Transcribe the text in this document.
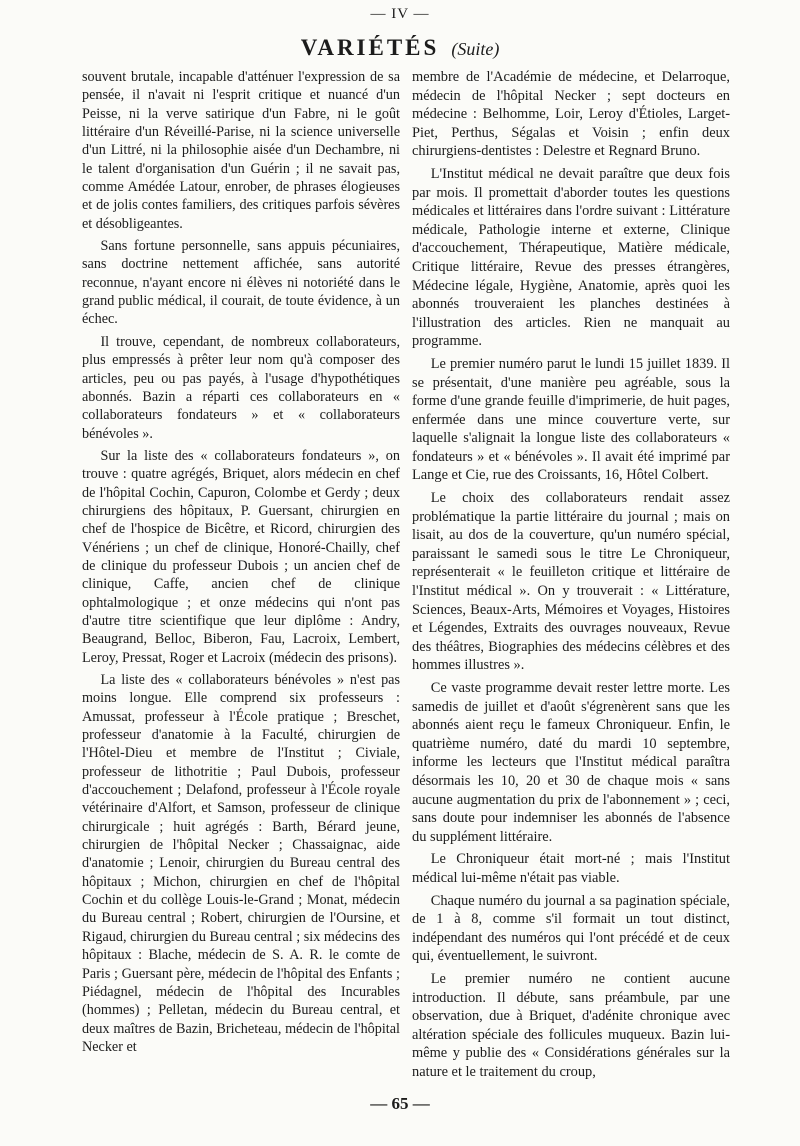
— IV —
VARIÉTÉS (Suite)

souvent brutale, incapable d'atténuer l'expression de sa pensée, il n'avait ni l'esprit critique et nuancé d'un Peisse, ni la verve satirique d'un Fabre, ni le goût littéraire d'un Réveillé-Parise, ni la science universelle d'un Littré, ni la philosophie aisée d'un Dechambre, ni le talent d'organisation d'un Guérin ; il ne savait pas, comme Amédée Latour, enrober, de phrases élogieuses et de jolis contes familiers, des critiques parfois sévères et désobligeantes.

Sans fortune personnelle, sans appuis pécuniaires, sans doctrine nettement affichée, sans autorité reconnue, n'ayant encore ni élèves ni notoriété dans le grand public médical, il courait, de toute évidence, à un échec.

Il trouve, cependant, de nombreux collaborateurs, plus empressés à prêter leur nom qu'à composer des articles, peu ou pas payés, à l'usage d'hypothétiques abonnés. Bazin a réparti ces collaborateurs en « collaborateurs fondateurs » et « collaborateurs bénévoles ».

Sur la liste des « collaborateurs fondateurs », on trouve : quatre agrégés, Briquet, alors médecin en chef de l'hôpital Cochin, Capuron, Colombe et Gerdy ; deux chirurgiens des hôpitaux, P. Guersant, chirurgien en chef de l'hospice de Bicêtre, et Ricord, chirurgien des Vénériens ; un chef de clinique, Honoré-Chailly, chef de clinique du professeur Dubois ; un ancien chef de clinique, Caffe, ancien chef de clinique ophtalmologique ; et onze médecins qui n'ont pas d'autre titre scientifique que leur diplôme : Andry, Beaugrand, Belloc, Biberon, Fau, Lacroix, Lembert, Leroy, Pressat, Roger et Lacroix (médecin des prisons).

La liste des « collaborateurs bénévoles » n'est pas moins longue. Elle comprend six professeurs : Amussat, professeur à l'École pratique ; Breschet, professeur d'anatomie à la Faculté, chirurgien de l'Hôtel-Dieu et membre de l'Institut ; Civiale, professeur de lithotritie ; Paul Dubois, professeur d'accouchement ; Delafond, professeur à l'École royale vétérinaire d'Alfort, et Samson, professeur de clinique chirurgicale ; huit agrégés : Barth, Bérard jeune, chirurgien de l'hôpital Necker ; Chassaignac, aide d'anatomie ; Lenoir, chirurgien du Bureau central des hôpitaux ; Michon, chirurgien en chef de l'hôpital Cochin et du collège Louis-le-Grand ; Monat, médecin du Bureau central ; Robert, chirurgien de l'Oursine, et Rigaud, chirurgien du Bureau central ; six médecins des hôpitaux : Blache, médecin de S. A. R. le comte de Paris ; Guersant père, médecin de l'hôpital des Enfants ; Piédagnel, médecin de l'hôpital des Incurables (hommes) ; Pelletan, médecin du Bureau central, et deux maîtres de Bazin, Bricheteau, médecin de l'hôpital Necker et

membre de l'Académie de médecine, et Delarroque, médecin de l'hôpital Necker ; sept docteurs en médecine : Belhomme, Loir, Leroy d'Étioles, Larget-Piet, Perthus, Ségalas et Voisin ; enfin deux chirurgiens-dentistes : Delestre et Regnard Bruno.

L'Institut médical ne devait paraître que deux fois par mois. Il promettait d'aborder toutes les questions médicales et littéraires dans l'ordre suivant : Littérature médicale, Pathologie interne et externe, Clinique d'accouchement, Thérapeutique, Matière médicale, Critique littéraire, Revue des presses étrangères, Médecine légale, Hygiène, Anatomie, après quoi les abonnés trouveraient les planches destinées à l'illustration des articles. Rien ne manquait au programme.

Le premier numéro parut le lundi 15 juillet 1839. Il se présentait, d'une manière peu agréable, sous la forme d'une grande feuille d'imprimerie, de huit pages, enfermée dans une mince couverture verte, sur laquelle s'alignait la longue liste des collaborateurs « fondateurs » et « bénévoles ». Il avait été imprimé par Lange et Cie, rue des Croissants, 16, Hôtel Colbert.

Le choix des collaborateurs rendait assez problématique la partie littéraire du journal ; mais on lisait, au dos de la couverture, qu'un numéro spécial, paraissant le samedi sous le titre Le Chroniqueur, représenterait « le feuilleton critique et littéraire de l'Institut médical ». On y trouverait : « Littérature, Sciences, Beaux-Arts, Mémoires et Voyages, Histoires et Légendes, Extraits des ouvrages nouveaux, Revue des théâtres, Biographies des médecins célèbres et des hommes illustres ».

Ce vaste programme devait rester lettre morte. Les samedis de juillet et d'août s'égrenèrent sans que les abonnés aient reçu le fameux Chroniqueur. Enfin, le quatrième numéro, daté du mardi 10 septembre, informe les lecteurs que l'Institut médical paraîtra désormais les 10, 20 et 30 de chaque mois « sans aucune augmentation du prix de l'abonnement » ; ceci, sans doute pour indemniser les abonnés de l'absence du supplément littéraire.

Le Chroniqueur était mort-né ; mais l'Institut médical lui-même n'était pas viable.

Chaque numéro du journal a sa pagination spéciale, de 1 à 8, comme s'il formait un tout distinct, indépendant des numéros qui l'ont précédé et de ceux qui, éventuellement, le suivront.

Le premier numéro ne contient aucune introduction. Il débute, sans préambule, par une observation, due à Briquet, d'adénite chronique avec altération spéciale des follicules muqueux. Bazin lui-même y publie des « Considérations générales sur la nature et le traitement du croup,

— 65 —
